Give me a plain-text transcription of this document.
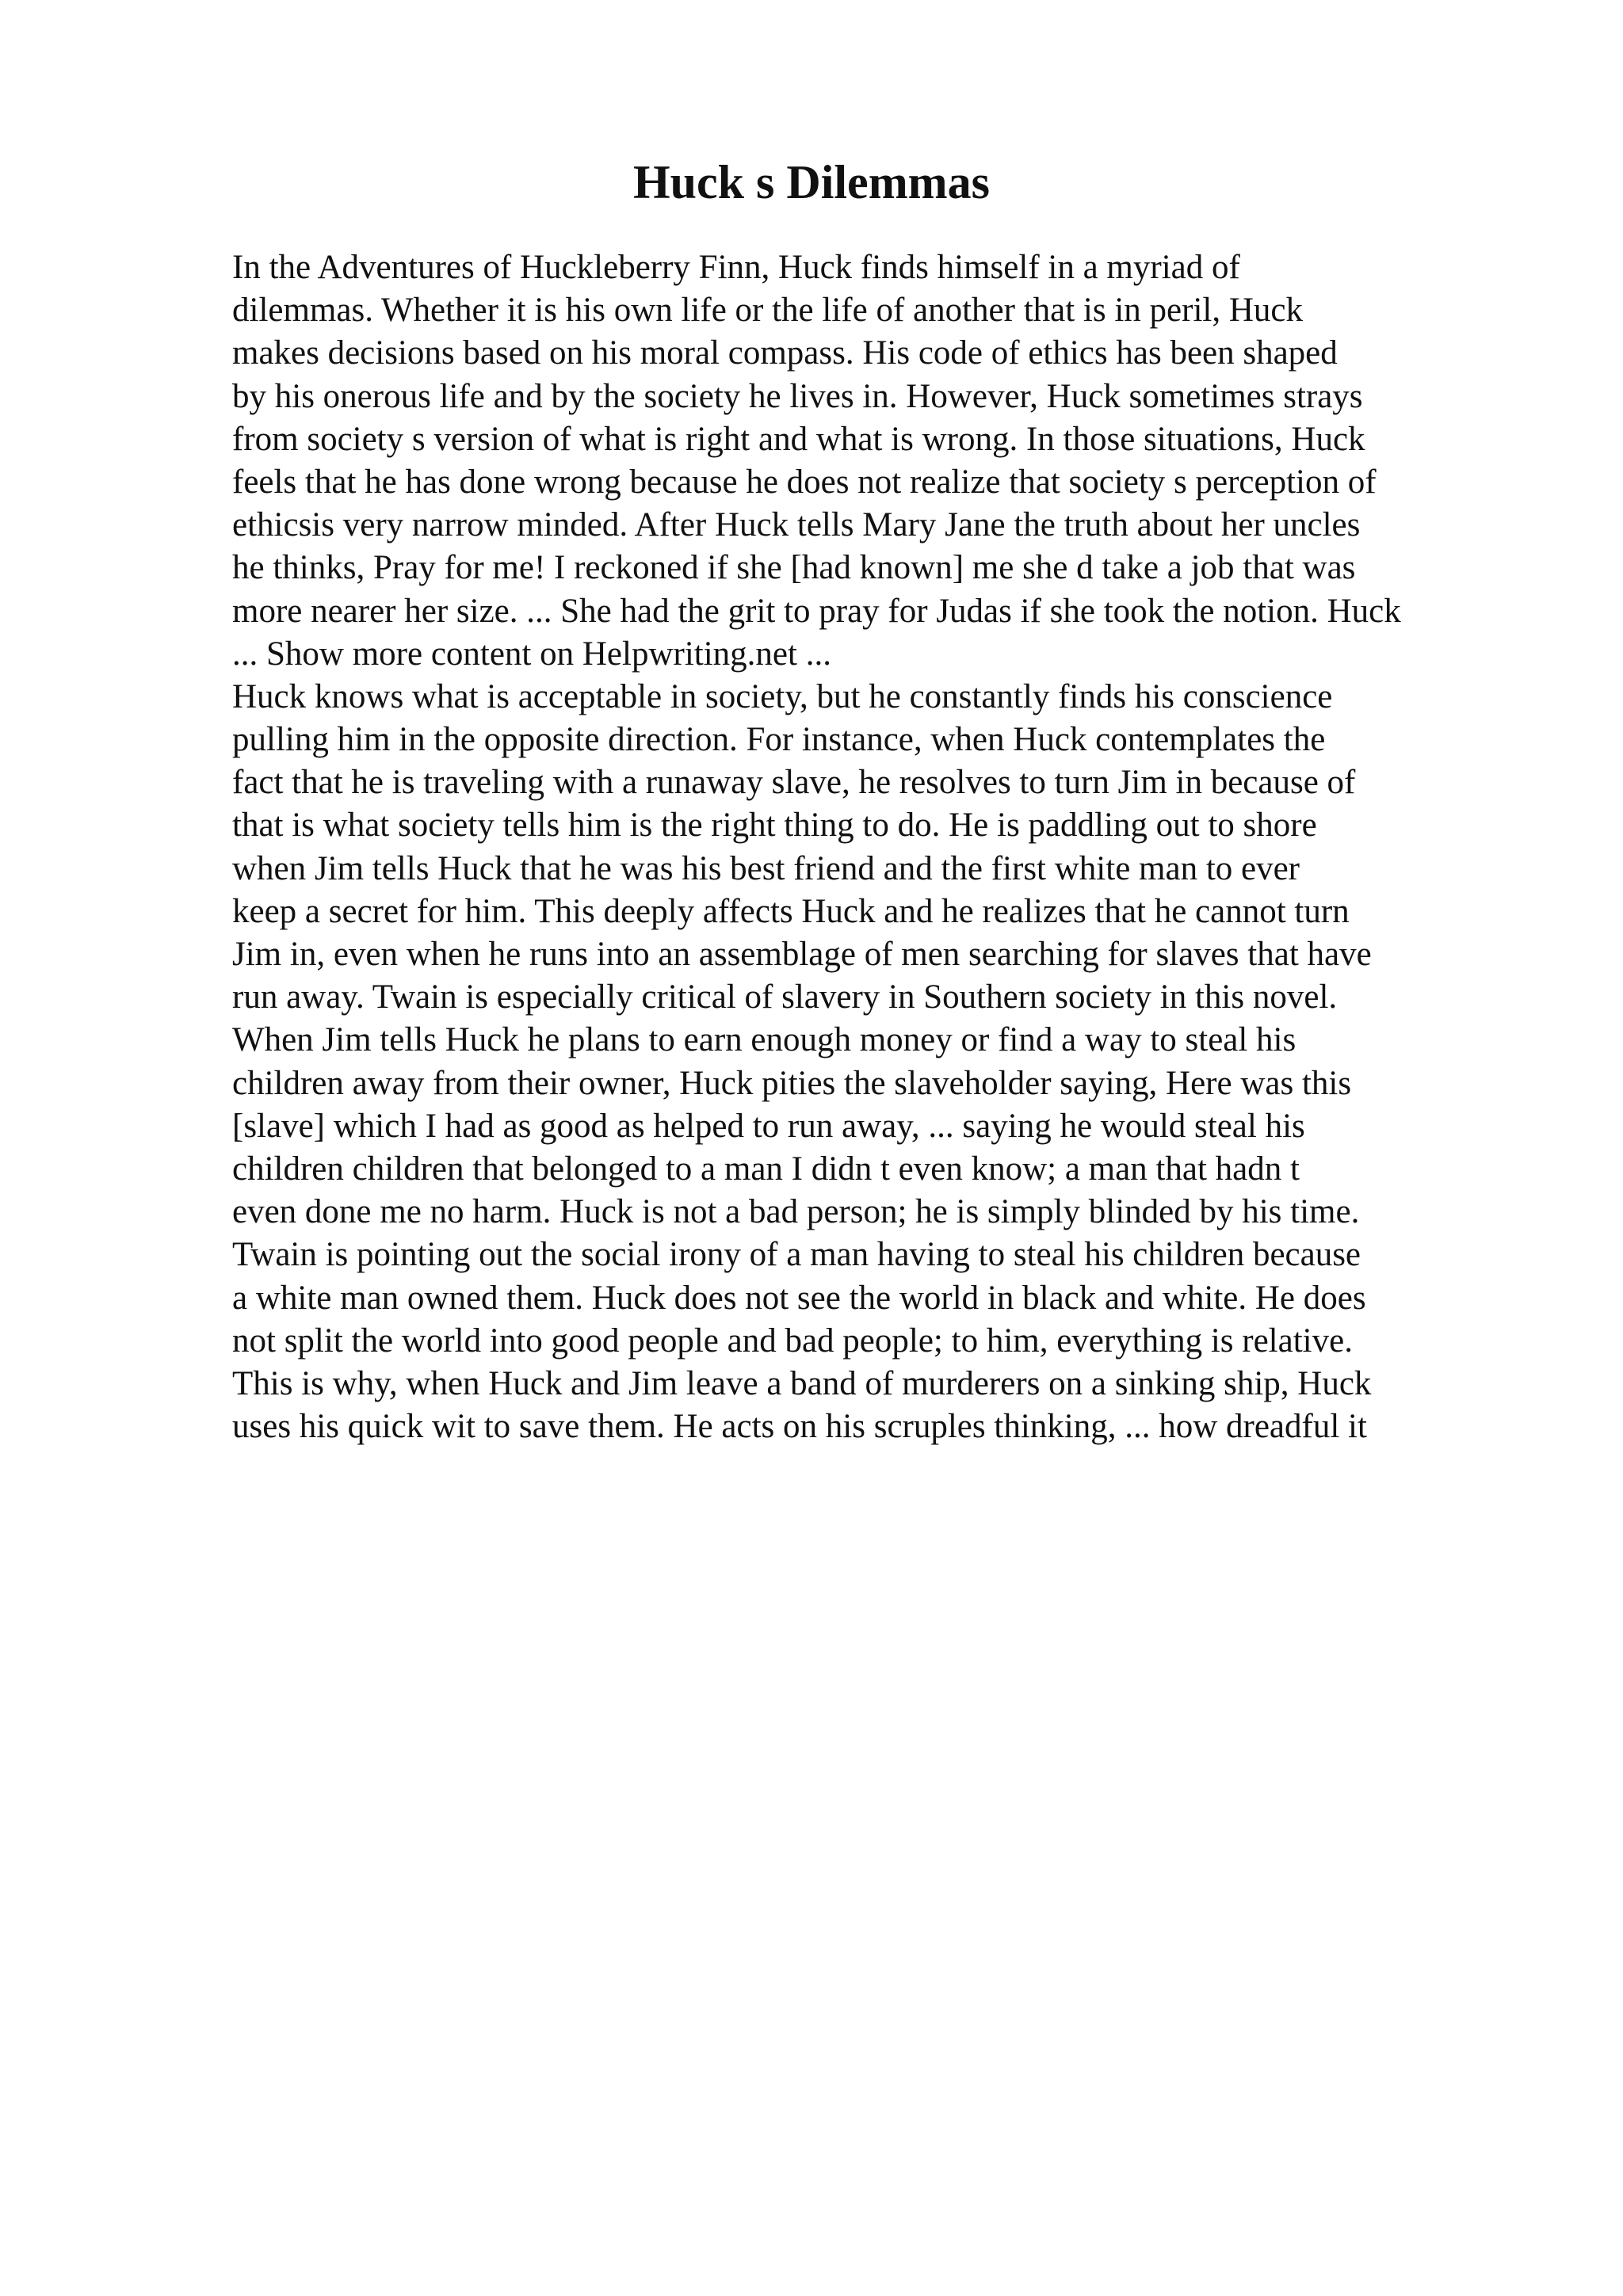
Huck s Dilemmas
In the Adventures of Huckleberry Finn, Huck finds himself in a myriad of
dilemmas. Whether it is his own life or the life of another that is in peril, Huck
makes decisions based on his moral compass. His code of ethics has been shaped
by his onerous life and by the society he lives in. However, Huck sometimes strays
from society s version of what is right and what is wrong. In those situations, Huck
feels that he has done wrong because he does not realize that society s perception of
ethicsis very narrow minded. After Huck tells Mary Jane the truth about her uncles
he thinks, Pray for me! I reckoned if she [had known] me she d take a job that was
more nearer her size. ... She had the grit to pray for Judas if she took the notion. Huck
... Show more content on Helpwriting.net ...
Huck knows what is acceptable in society, but he constantly finds his conscience
pulling him in the opposite direction. For instance, when Huck contemplates the
fact that he is traveling with a runaway slave, he resolves to turn Jim in because of
that is what society tells him is the right thing to do. He is paddling out to shore
when Jim tells Huck that he was his best friend and the first white man to ever
keep a secret for him. This deeply affects Huck and he realizes that he cannot turn
Jim in, even when he runs into an assemblage of men searching for slaves that have
run away. Twain is especially critical of slavery in Southern society in this novel.
When Jim tells Huck he plans to earn enough money or find a way to steal his
children away from their owner, Huck pities the slaveholder saying, Here was this
[slave] which I had as good as helped to run away, ... saying he would steal his
children children that belonged to a man I didn t even know; a man that hadn t
even done me no harm. Huck is not a bad person; he is simply blinded by his time.
Twain is pointing out the social irony of a man having to steal his children because
a white man owned them. Huck does not see the world in black and white. He does
not split the world into good people and bad people; to him, everything is relative.
This is why, when Huck and Jim leave a band of murderers on a sinking ship, Huck
uses his quick wit to save them. He acts on his scruples thinking, ... how dreadful it
